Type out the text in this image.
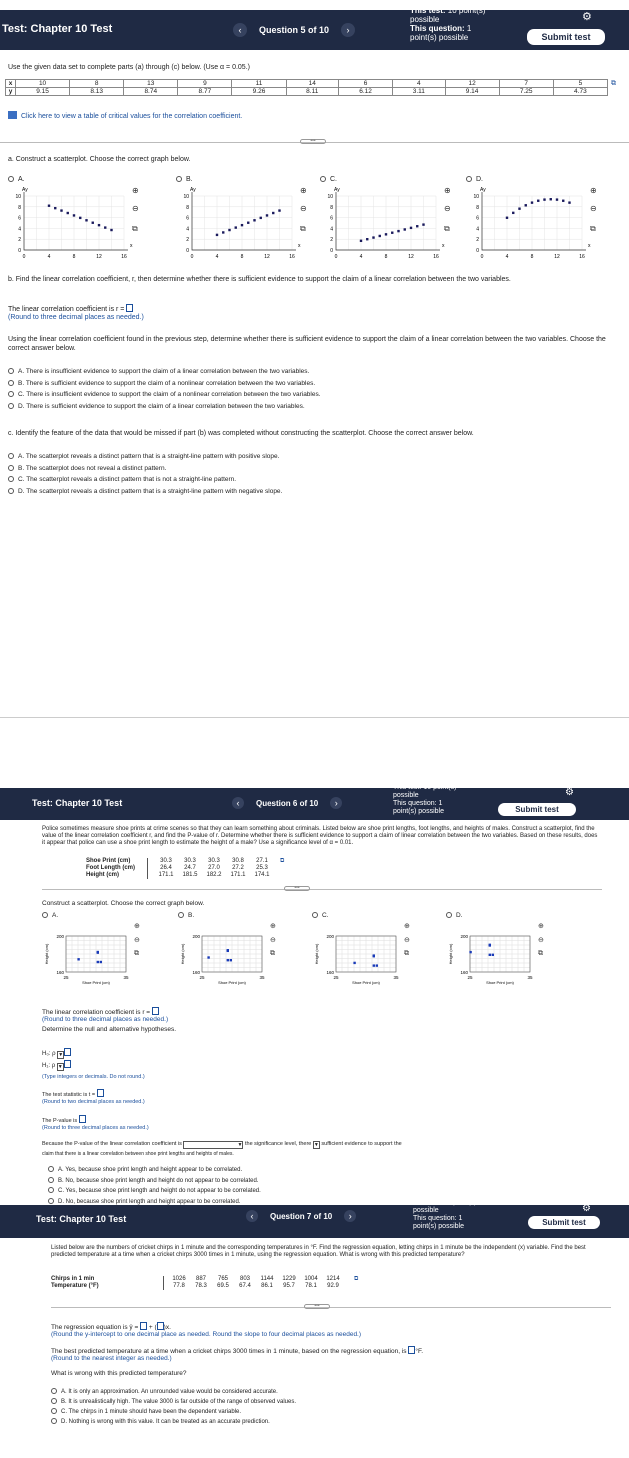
Test: Chapter 10 Test	‹	Question 5 of 10	›
This test: 10 point(s)
possible
This question: 1
point(s) possible
⚙
Submit test
Use the given data set to complete parts (a) through (c) below. (Use α = 0.05.)
x	10	8	13	9	11	14	6	4	12	7	5
y	9.15	8.13	8.74	8.77	9.26	8.11	6.12	3.11	9.14	7.25	4.73
⧉
Click here to view a table of critical values for the correlation coefficient.
•••
a. Construct a scatterplot. Choose the correct graph below.
A.
10
8
6
4
2
0
0	4	8	12	16
Ay
x
⊕
⊖
⧉
B.
10
8
6
4
2
0
0	4	8	12	16
Ay
x
⊕
⊖
⧉
C.
10
8
6
4
2
0
0	4	8	12	16
Ay
x
⊕
⊖
⧉
D.
10
8
6
4
2
0
0	4	8	12	16
Ay
x
⊕
⊖
⧉
b. Find the linear correlation coefficient, r, then determine whether there is sufficient evidence to support the claim of a linear correlation between the two variables.
The linear correlation coefficient is r =
(Round to three decimal places as needed.)
Using the linear correlation coefficient found in the previous step, determine whether there is sufficient evidence to support the claim of a linear correlation between the two variables. Choose the correct answer below.
A. There is insufficient evidence to support the claim of a linear correlation between the two variables.
B. There is sufficient evidence to support the claim of a nonlinear correlation between the two variables.
C. There is insufficient evidence to support the claim of a nonlinear correlation between the two variables.
D. There is sufficient evidence to support the claim of a linear correlation between the two variables.
c. Identify the feature of the data that would be missed if part (b) was completed without constructing the scatterplot. Choose the correct answer below.
A. The scatterplot reveals a distinct pattern that is a straight-line pattern with positive slope.
B. The scatterplot does not reveal a distinct pattern.
C. The scatterplot reveals a distinct pattern that is not a straight-line pattern.
D. The scatterplot reveals a distinct pattern that is a straight-line pattern with negative slope.
Test: Chapter 10 Test	‹	Question 6 of 10	›
This test: 10 point(s)
possible
This question: 1
point(s) possible
⚙
Submit test
Police sometimes measure shoe prints at crime scenes so that they can learn something about criminals. Listed below are shoe print lengths, foot lengths, and heights of males. Construct a scatterplot, find the value of the linear correlation coefficient r, and find the P-value of r. Determine whether there is sufficient evidence to support a claim of linear correlation between the two variables. Based on these results, does it appear that police can use a shoe print length to estimate the height of a male? Use a significance level of α = 0.01.
Shoe Print (cm)	30.3	30.3	30.3	30.8	27.1
Foot Length (cm)	26.4	24.7	27.0	27.2	25.3
Height (cm)	171.1	181.5	182.2	171.1	174.1
⧉
•••
Construct a scatterplot. Choose the correct graph below.
A.
200
160
25	35
Shoe Print (cm)
Height (cm)
⊕
⊖
⧉
B.
200
160
25	35
Shoe Print (cm)
Height (cm)
⊕
⊖
⧉
C.
200
160
25	35
Shoe Print (cm)
Height (cm)
⊕
⊖
⧉
D.
200
160
25	35
Shoe Print (cm)
Height (cm)
⊕
⊖
⧉
The linear correlation coefficient is r =
(Round to three decimal places as needed.)
Determine the null and alternative hypotheses.
H₀: ρ ▼
H₁: ρ ▼
(Type integers or decimals. Do not round.)
The test statistic is t =
(Round to two decimal places as needed.)
The P-value is
(Round to three decimal places as needed.)
Because the P-value of the linear correlation coefficient is	▼ the significance level, there ▼ sufficient evidence to support the
claim that there is a linear correlation between shoe print lengths and heights of males.
A. Yes, because shoe print length and height appear to be correlated.
B. No, because shoe print length and height do not appear to be correlated.
C. Yes, because shoe print length and height do not appear to be correlated.
D. No, because shoe print length and height appear to be correlated.
Test: Chapter 10 Test	‹	Question 7 of 10	›
This test: 10 point(s)
possible
This question: 1
point(s) possible
⚙
Submit test
Listed below are the numbers of cricket chirps in 1 minute and the corresponding temperatures in °F. Find the regression equation, letting chirps in 1 minute be the independent (x) variable. Find the best predicted temperature at a time when a cricket chirps 3000 times in 1 minute, using the regression equation. What is wrong with this predicted temperature?
Chirps in 1 min	1026	887	765	803	1144	1229	1004	1214
Temperature (°F)	77.8	78.3	69.5	67.4	86.1	95.7	78.1	92.9
⧉
•••
The regression equation is ŷ =  + ( )x.
(Round the y-intercept to one decimal place as needed. Round the slope to four decimal places as needed.)
The best predicted temperature at a time when a cricket chirps 3000 times in 1 minute, based on the regression equation, is °F.
(Round to the nearest integer as needed.)
What is wrong with this predicted temperature?
A. It is only an approximation. An unrounded value would be considered accurate.
B. It is unrealistically high. The value 3000 is far outside of the range of observed values.
C. The chirps in 1 minute should have been the dependent variable.
D. Nothing is wrong with this value. It can be treated as an accurate prediction.
